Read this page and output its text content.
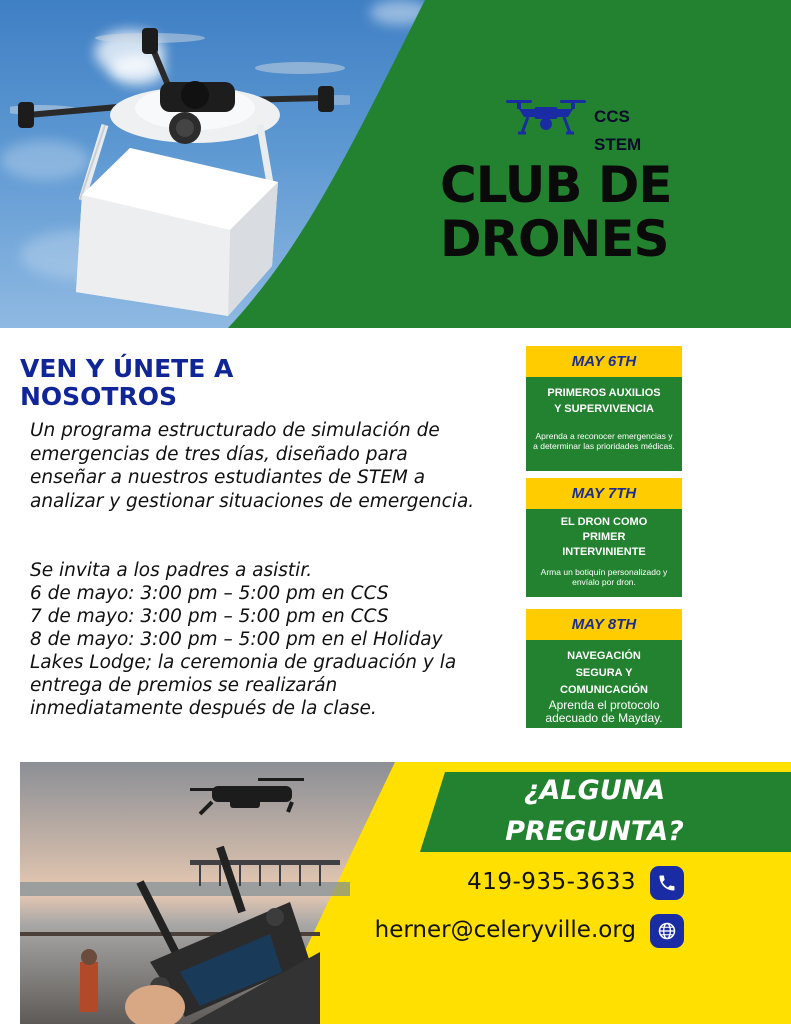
CCS
STEM
CLUB DE
DRONES
VEN Y ÚNETE A
NOSOTROS

Un programa estructurado de simulación de emergencias de tres días, diseñado para enseñar a nuestros estudiantes de STEM a analizar y gestionar situaciones de emergencia.

Se invita a los padres a asistir.
6 de mayo: 3:00 pm – 5:00 pm en CCS
7 de mayo: 3:00 pm – 5:00 pm en CCS
8 de mayo: 3:00 pm – 5:00 pm en el Holiday Lakes Lodge; la ceremonia de graduación y la entrega de premios se realizarán inmediatamente después de la clase.
MAY 6TH
PRIMEROS AUXILIOS
Y SUPERVIVENCIA
Aprenda a reconocer emergencias y a determinar las prioridades médicas.
MAY 7TH
EL DRON COMO
PRIMER
INTERVINIENTE
Arma un botiquín personalizado y envíalo por dron.
MAY 8TH
NAVEGACIÓN
SEGURA Y
COMUNICACIÓN
Aprenda el protocolo adecuado de Mayday.
¿ALGUNA
PREGUNTA?
419-935-3633
herner@celeryville.org
